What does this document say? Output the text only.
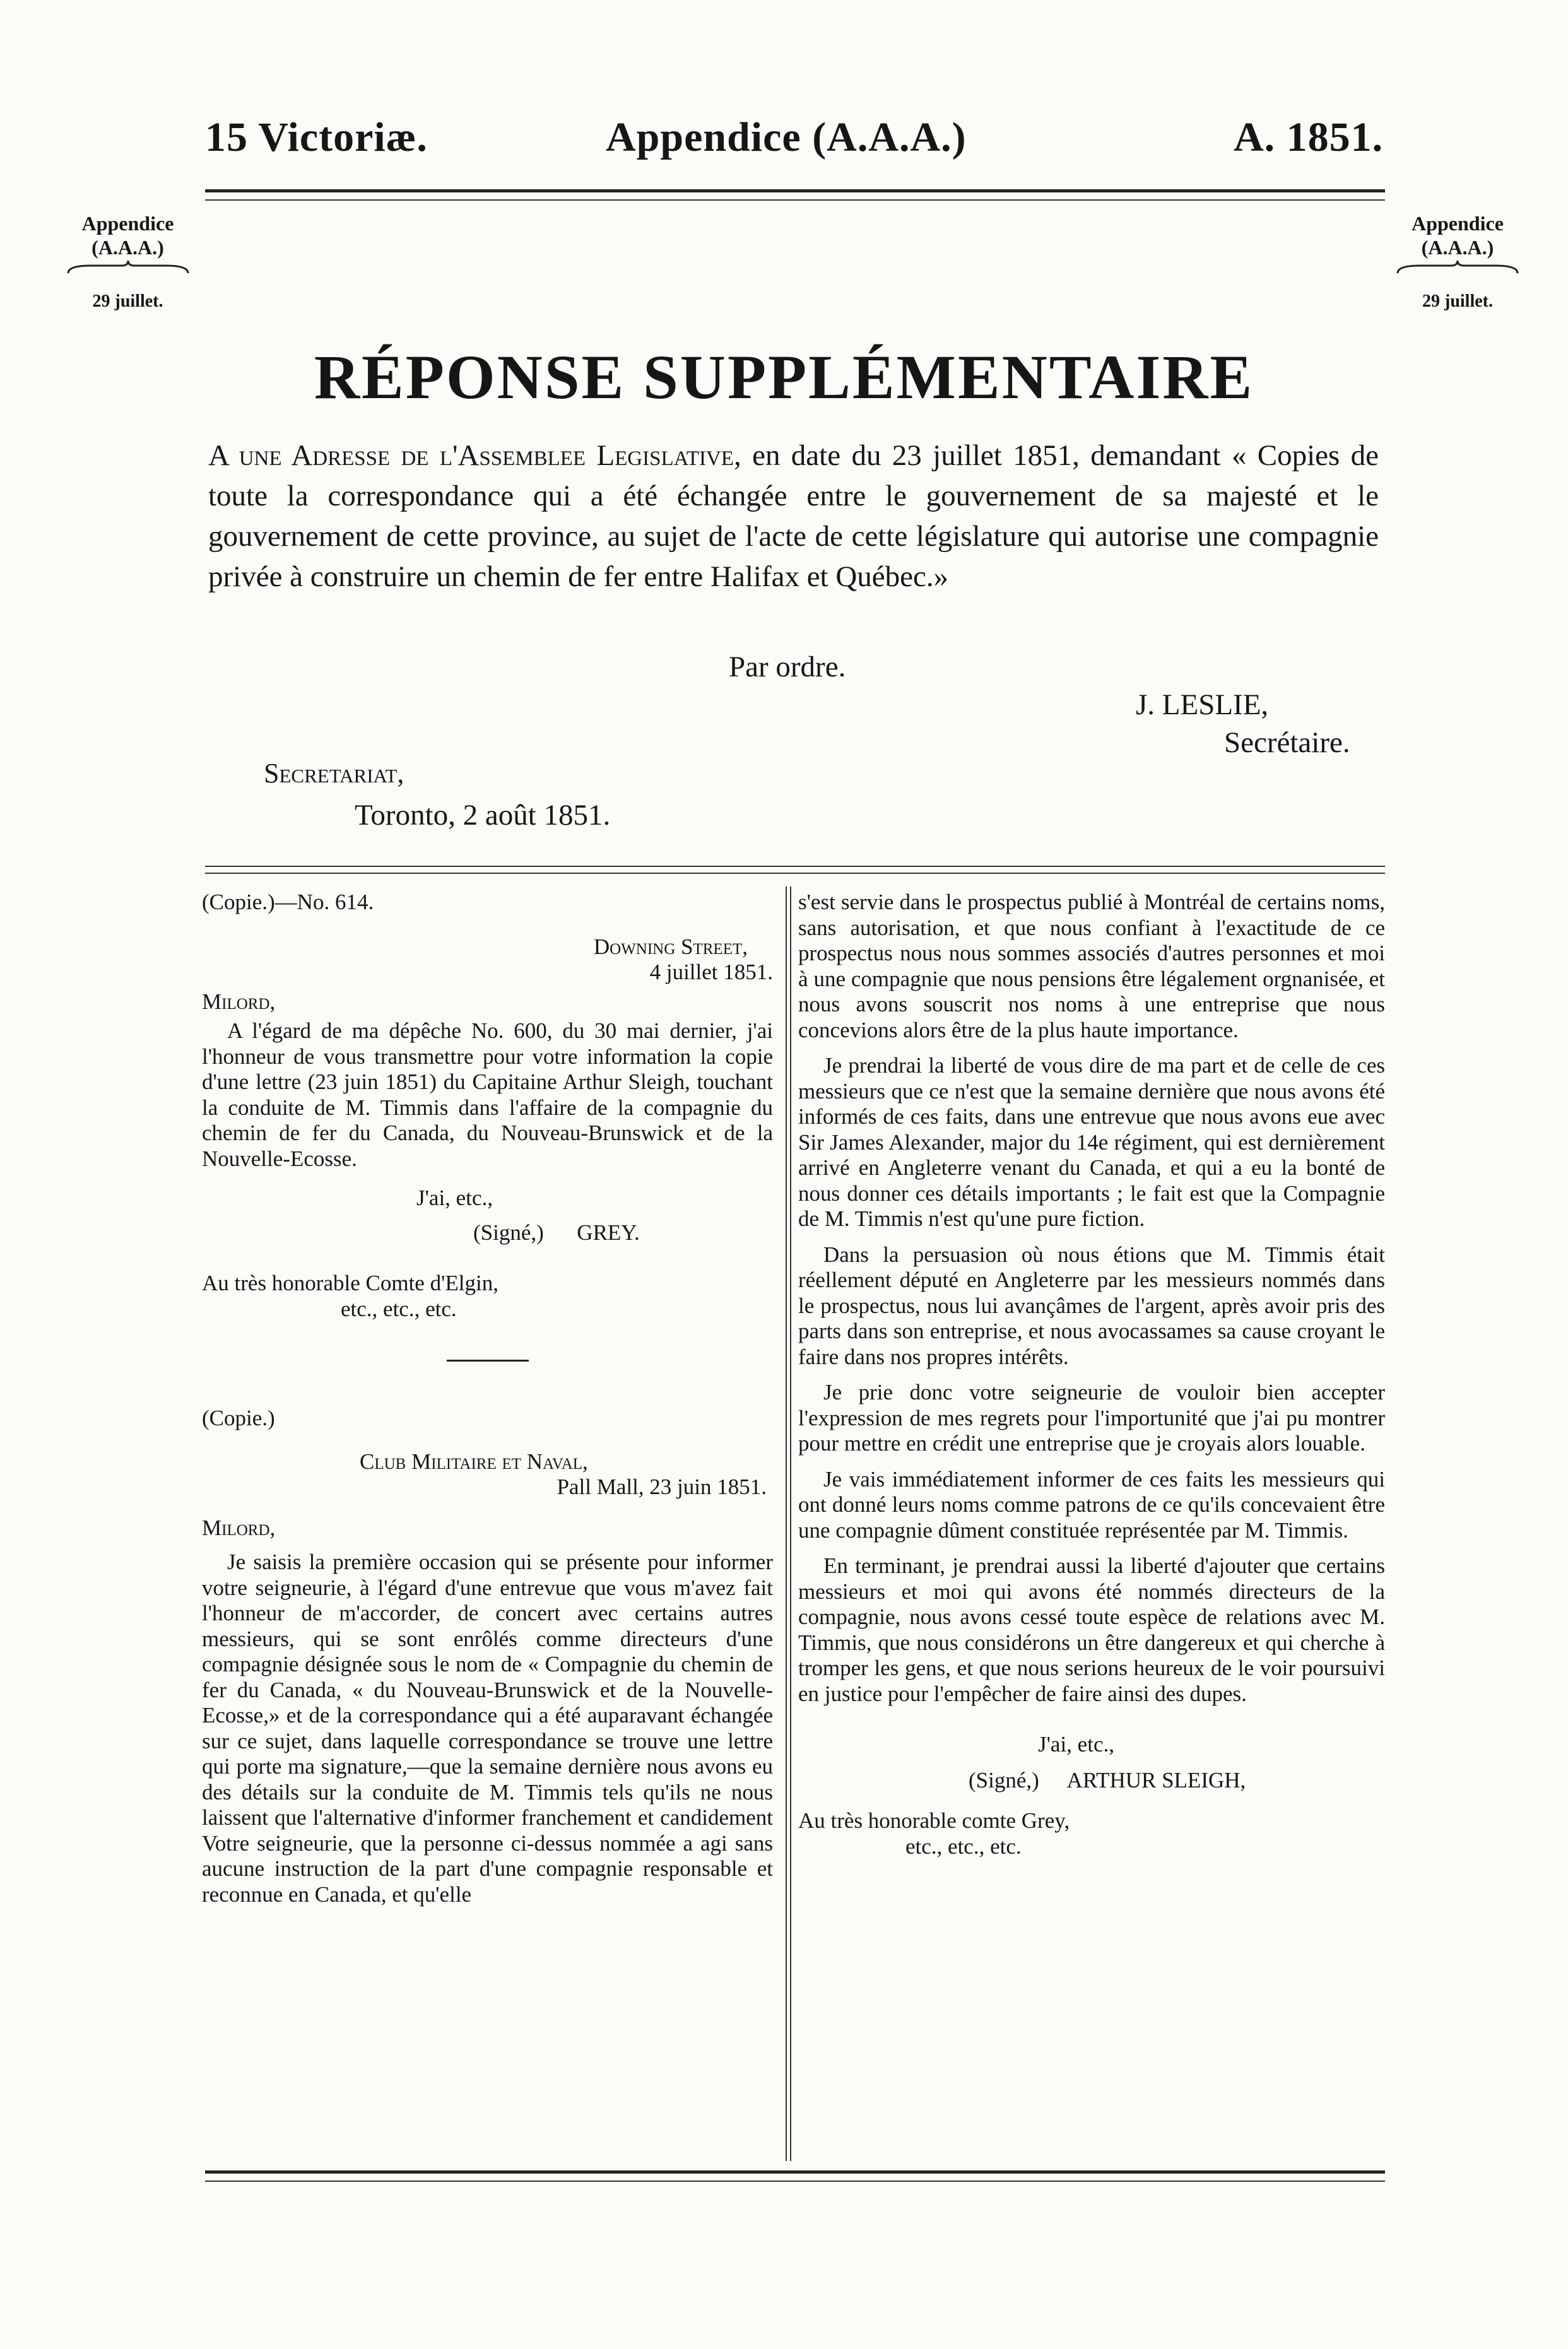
15 Victoriæ.	Appendice (A.A.A.)	A. 1851.
Appendice
(A.A.A.)
29 juillet.
Appendice
(A.A.A.)
29 juillet.
RÉPONSE SUPPLÉMENTAIRE

A une Adresse de l'Assemblee Legislative, en date du 23 juillet 1851, demandant « Copies de toute la correspondance qui a été échangée entre le gouvernement de sa majesté et le gouvernement de cette province, au sujet de l'acte de cette législature qui autorise une compagnie privée à construire un chemin de fer entre Halifax et Québec.»

Par ordre.
J. LESLIE,
Secrétaire.
Secretariat,
Toronto, 2 août 1851.

(Copie.)—No. 614.

Downing Street,

4 juillet 1851.

Milord,

A l'égard de ma dépêche No. 600, du 30 mai dernier, j'ai l'honneur de vous transmettre pour votre information la copie d'une lettre (23 juin 1851) du Capitaine Arthur Sleigh, touchant la conduite de M. Timmis dans l'affaire de la compagnie du chemin de fer du Canada, du Nouveau-Brunswick et de la Nouvelle-Ecosse.

J'ai, etc.,

(Signé,) GREY.

Au très honorable Comte d'Elgin,

etc., etc., etc.

(Copie.)

Club Militaire et Naval,

Pall Mall, 23 juin 1851.

Milord,

Je saisis la première occasion qui se présente pour informer votre seigneurie, à l'égard d'une entrevue que vous m'avez fait l'honneur de m'accorder, de concert avec certains autres messieurs, qui se sont enrôlés comme directeurs d'une compagnie désignée sous le nom de « Compagnie du chemin de fer du Canada, « du Nouveau-Brunswick et de la Nouvelle-Ecosse,» et de la correspondance qui a été auparavant échangée sur ce sujet, dans laquelle correspondance se trouve une lettre qui porte ma signature,—que la semaine dernière nous avons eu des détails sur la conduite de M. Timmis tels qu'ils ne nous laissent que l'alternative d'informer franchement et candidement Votre seigneurie, que la personne ci-dessus nommée a agi sans aucune instruction de la part d'une compagnie responsable et reconnue en Canada, et qu'elle

s'est servie dans le prospectus publié à Montréal de certains noms, sans autorisation, et que nous confiant à l'exactitude de ce prospectus nous nous sommes associés d'autres personnes et moi à une compagnie que nous pensions être légalement orgnanisée, et nous avons souscrit nos noms à une entreprise que nous concevions alors être de la plus haute importance.

Je prendrai la liberté de vous dire de ma part et de celle de ces messieurs que ce n'est que la semaine dernière que nous avons été informés de ces faits, dans une entrevue que nous avons eue avec Sir James Alexander, major du 14e régiment, qui est dernièrement arrivé en Angleterre venant du Canada, et qui a eu la bonté de nous donner ces détails importants ; le fait est que la Compagnie de M. Timmis n'est qu'une pure fiction.

Dans la persuasion où nous étions que M. Timmis était réellement député en Angleterre par les messieurs nommés dans le prospectus, nous lui avançâmes de l'argent, après avoir pris des parts dans son entreprise, et nous avocassames sa cause croyant le faire dans nos propres intérêts.

Je prie donc votre seigneurie de vouloir bien accepter l'expression de mes regrets pour l'importunité que j'ai pu montrer pour mettre en crédit une entreprise que je croyais alors louable.

Je vais immédiatement informer de ces faits les messieurs qui ont donné leurs noms comme patrons de ce qu'ils concevaient être une compagnie dûment constituée représentée par M. Timmis.

En terminant, je prendrai aussi la liberté d'ajouter que certains messieurs et moi qui avons été nommés directeurs de la compagnie, nous avons cessé toute espèce de relations avec M. Timmis, que nous considérons un être dangereux et qui cherche à tromper les gens, et que nous serions heureux de le voir poursuivi en justice pour l'empêcher de faire ainsi des dupes.

J'ai, etc.,

(Signé,) ARTHUR SLEIGH,

Au très honorable comte Grey,

etc., etc., etc.
